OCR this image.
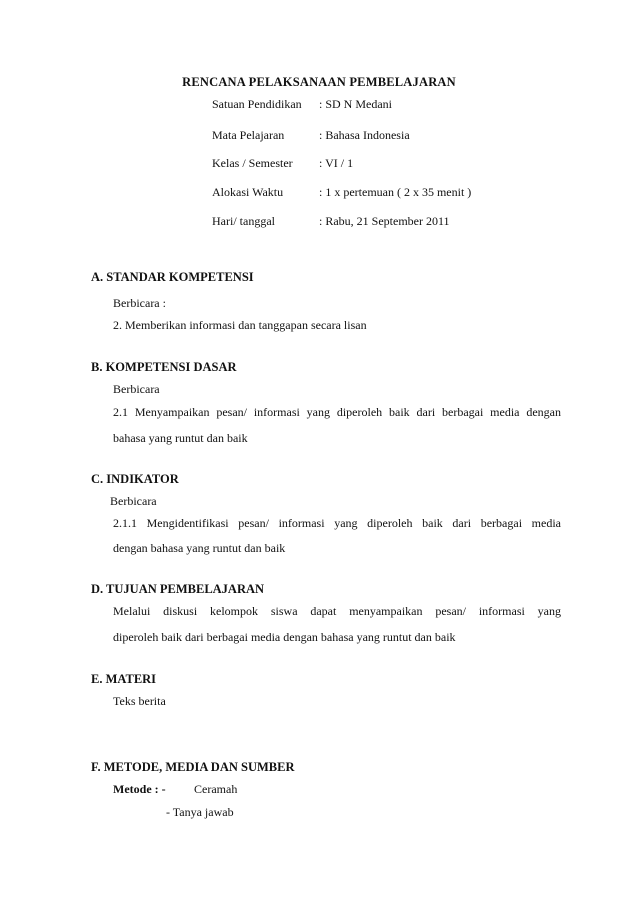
RENCANA PELAKSANAAN PEMBELAJARAN
Satuan Pendidikan : SD N Medani
Mata Pelajaran	: Bahasa Indonesia
Kelas / Semester : VI / 1
Alokasi Waktu	: 1 x pertemuan ( 2 x 35 menit )
Hari/ tanggal	: Rabu, 21 September 2011
A. STANDAR KOMPETENSI
Berbicara :
2. Memberikan informasi dan tanggapan secara lisan
B. KOMPETENSI DASAR
Berbicara
2.1 Menyampaikan pesan/ informasi yang diperoleh baik dari berbagai media dengan
bahasa yang runtut dan baik
C. INDIKATOR
Berbicara
2.1.1 Mengidentifikasi pesan/ informasi yang diperoleh baik dari berbagai media
dengan bahasa yang runtut dan baik
D. TUJUAN PEMBELAJARAN
Melalui diskusi kelompok siswa dapat menyampaikan pesan/ informasi yang
diperoleh baik dari berbagai media dengan bahasa yang runtut dan baik
E. MATERI
Teks berita
F. METODE, MEDIA DAN SUMBER
Metode : - Ceramah
- Tanya jawab
